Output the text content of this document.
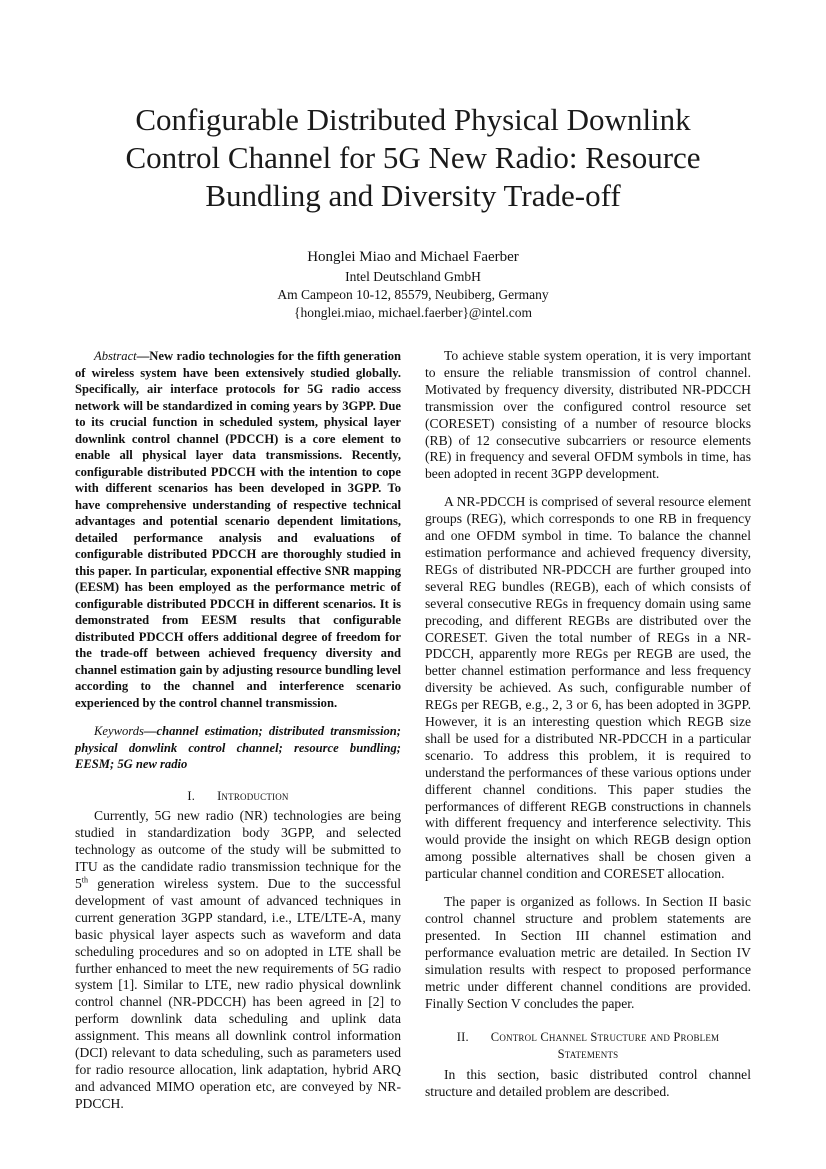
Configurable Distributed Physical Downlink
Control Channel for 5G New Radio: Resource
Bundling and Diversity Trade-off
Honglei Miao and Michael Faerber
Intel Deutschland GmbH
Am Campeon 10-12, 85579, Neubiberg, Germany
{honglei.miao, michael.faerber}@intel.com

Abstract—New radio technologies for the fifth generation of wireless system have been extensively studied globally. Specifically, air interface protocols for 5G radio access network will be standardized in coming years by 3GPP. Due to its crucial function in scheduled system, physical layer downlink control channel (PDCCH) is a core element to enable all physical layer data transmissions. Recently, configurable distributed PDCCH with the intention to cope with different scenarios has been developed in 3GPP. To have comprehensive understanding of respective technical advantages and potential scenario dependent limitations, detailed performance analysis and evaluations of configurable distributed PDCCH are thoroughly studied in this paper. In particular, exponential effective SNR mapping (EESM) has been employed as the performance metric of configurable distributed PDCCH in different scenarios. It is demonstrated from EESM results that configurable distributed PDCCH offers additional degree of freedom for the trade-off between achieved frequency diversity and channel estimation gain by adjusting resource bundling level according to the channel and interference scenario experienced by the control channel transmission.

Keywords—channel estimation; distributed transmission; physical donwlink control channel; resource bundling; EESM; 5G new radio

I. Introduction

Currently, 5G new radio (NR) technologies are being studied in standardization body 3GPP, and selected technology as outcome of the study will be submitted to ITU as the candidate radio transmission technique for the 5th generation wireless system. Due to the successful development of vast amount of advanced techniques in current generation 3GPP standard, i.e., LTE/LTE-A, many basic physical layer aspects such as waveform and data scheduling procedures and so on adopted in LTE shall be further enhanced to meet the new requirements of 5G radio system [1]. Similar to LTE, new radio physical downlink control channel (NR-PDCCH) has been agreed in [2] to perform downlink data scheduling and uplink data assignment. This means all downlink control information (DCI) relevant to data scheduling, such as parameters used for radio resource allocation, link adaptation, hybrid ARQ and advanced MIMO operation etc, are conveyed by NR-PDCCH.

To achieve stable system operation, it is very important to ensure the reliable transmission of control channel. Motivated by frequency diversity, distributed NR-PDCCH transmission over the configured control resource set (CORESET) consisting of a number of resource blocks (RB) of 12 consecutive subcarriers or resource elements (RE) in frequency and several OFDM symbols in time, has been adopted in recent 3GPP development.

A NR-PDCCH is comprised of several resource element groups (REG), which corresponds to one RB in frequency and one OFDM symbol in time. To balance the channel estimation performance and achieved frequency diversity, REGs of distributed NR-PDCCH are further grouped into several REG bundles (REGB), each of which consists of several consecutive REGs in frequency domain using same precoding, and different REGBs are distributed over the CORESET. Given the total number of REGs in a NR-PDCCH, apparently more REGs per REGB are used, the better channel estimation performance and less frequency diversity be achieved. As such, configurable number of REGs per REGB, e.g., 2, 3 or 6, has been adopted in 3GPP. However, it is an interesting question which REGB size shall be used for a distributed NR-PDCCH in a particular scenario. To address this problem, it is required to understand the performances of these various options under different channel conditions. This paper studies the performances of different REGB constructions in channels with different frequency and interference selectivity. This would provide the insight on which REGB design option among possible alternatives shall be chosen given a particular channel condition and CORESET allocation.

The paper is organized as follows. In Section II basic control channel structure and problem statements are presented. In Section III channel estimation and performance evaluation metric are detailed. In Section IV simulation results with respect to proposed performance metric under different channel conditions are provided. Finally Section V concludes the paper.

II. Control Channel Structure and Problem
Statements

In this section, basic distributed control channel structure and detailed problem are described.
